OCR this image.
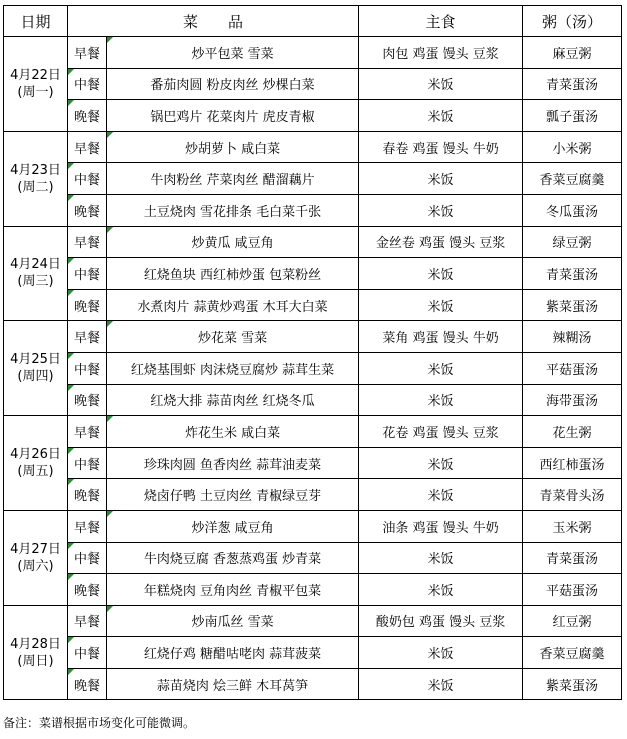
日期	菜　　品		主食	粥（汤）

4月22日
(周一)	早餐	炒平包菜 雪菜	肉包 鸡蛋 馒头 豆浆	麻豆粥
	中餐	番茄肉圆 粉皮肉丝 炒棵白菜	米饭	青菜蛋汤
	晚餐	锅巴鸡片 花菜肉片 虎皮青椒	米饭	瓢子蛋汤

4月23日
(周二)	早餐	炒胡萝卜 咸白菜	春卷 鸡蛋 馒头 牛奶	小米粥
	中餐	牛肉粉丝 芹菜肉丝 醋溜藕片	米饭	香菜豆腐羹
	晚餐	土豆烧肉 雪花排条 毛白菜千张	米饭	冬瓜蛋汤

4月24日
(周三)	早餐	炒黄瓜 咸豆角	金丝卷 鸡蛋 馒头 豆浆	绿豆粥
	中餐	红烧鱼块 西红柿炒蛋 包菜粉丝	米饭	青菜蛋汤
	晚餐	水煮肉片 蒜黄炒鸡蛋 木耳大白菜	米饭	紫菜蛋汤

4月25日
(周四)	早餐	炒花菜 雪菜	菜角 鸡蛋 馒头 牛奶	辣糊汤
	中餐	红烧基围虾 肉沫烧豆腐炒 蒜茸生菜	米饭	平菇蛋汤
	晚餐	红烧大排 蒜苗肉丝 红烧冬瓜	米饭	海带蛋汤

4月26日
(周五)	早餐	炸花生米 咸白菜	花卷 鸡蛋 馒头 豆浆	花生粥
	中餐	珍珠肉圆 鱼香肉丝 蒜茸油麦菜	米饭	西红柿蛋汤
	晚餐	烧卤仔鸭 土豆肉丝 青椒绿豆芽	米饭	青菜骨头汤

4月27日
(周六)	早餐	炒洋葱 咸豆角	油条 鸡蛋 馒头 牛奶	玉米粥
	中餐	牛肉烧豆腐 香葱蒸鸡蛋 炒青菜	米饭	青菜蛋汤
	晚餐	年糕烧肉 豆角肉丝 青椒平包菜	米饭	平菇蛋汤

4月28日
(周日)	早餐	炒南瓜丝 雪菜	酸奶包 鸡蛋 馒头 豆浆	红豆粥
	中餐	红烧仔鸡 糖醋咕咾肉 蒜茸菠菜	米饭	香菜豆腐羹
	晚餐	蒜苗烧肉 烩三鲜 木耳莴笋	米饭	紫菜蛋汤
备注：菜谱根据市场变化可能微调。
